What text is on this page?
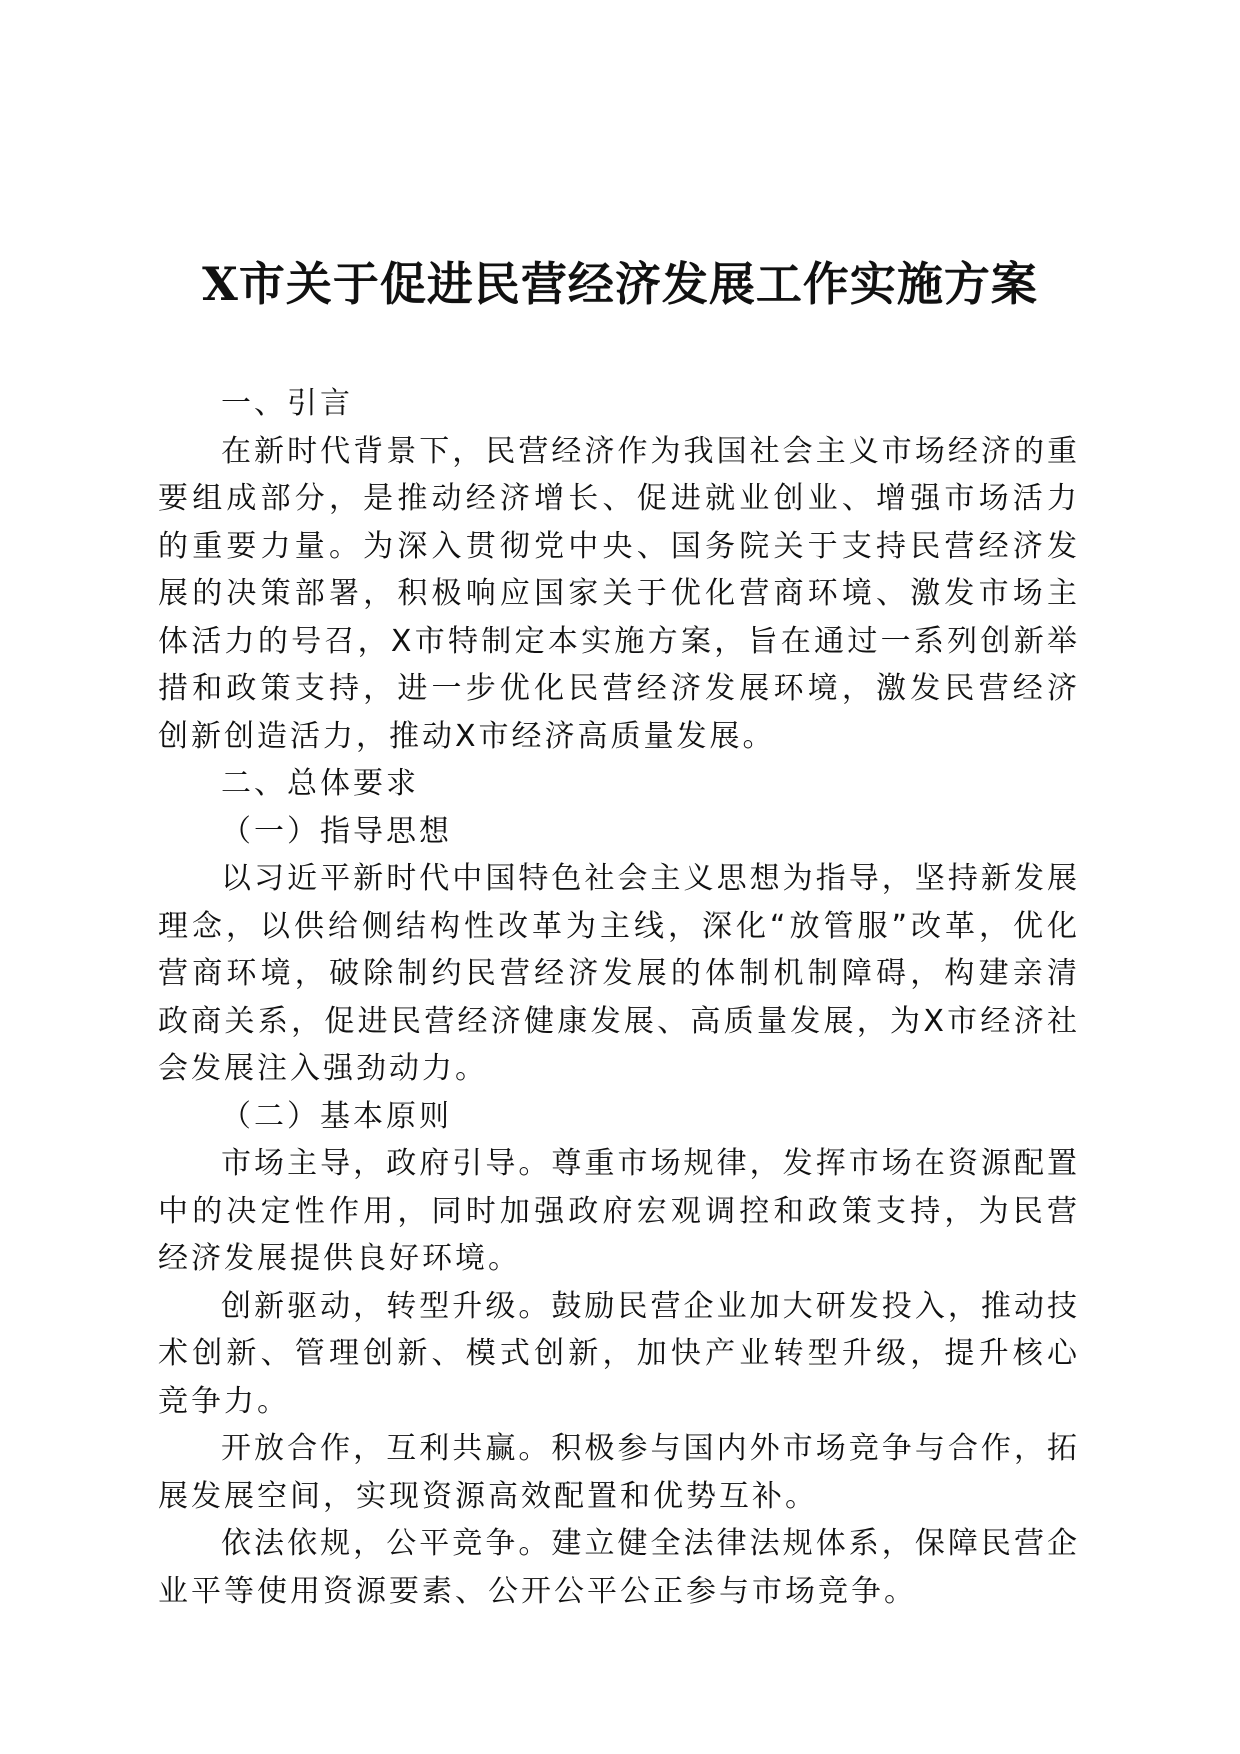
X市关于促进民营经济发展工作实施方案

一、引言

在新时代背景下，民营经济作为我国社会主义市场经济的重要组成部分，是推动经济增长、促进就业创业、增强市场活力的重要力量。为深入贯彻党中央、国务院关于支持民营经济发展的决策部署，积极响应国家关于优化营商环境、激发市场主体活力的号召，X市特制定本实施方案，旨在通过一系列创新举措和政策支持，进一步优化民营经济发展环境，激发民营经济创新创造活力，推动X市经济高质量发展。

二、总体要求

（一）指导思想

以习近平新时代中国特色社会主义思想为指导，坚持新发展理念，以供给侧结构性改革为主线，深化“放管服”改革，优化营商环境，破除制约民营经济发展的体制机制障碍，构建亲清政商关系，促进民营经济健康发展、高质量发展，为X市经济社会发展注入强劲动力。

（二）基本原则

市场主导，政府引导。尊重市场规律，发挥市场在资源配置中的决定性作用，同时加强政府宏观调控和政策支持，为民营经济发展提供良好环境。

创新驱动，转型升级。鼓励民营企业加大研发投入，推动技术创新、管理创新、模式创新，加快产业转型升级，提升核心竞争力。

开放合作，互利共赢。积极参与国内外市场竞争与合作，拓展发展空间，实现资源高效配置和优势互补。

依法依规，公平竞争。建立健全法律法规体系，保障民营企业平等使用资源要素、公开公平公正参与市场竞争。
